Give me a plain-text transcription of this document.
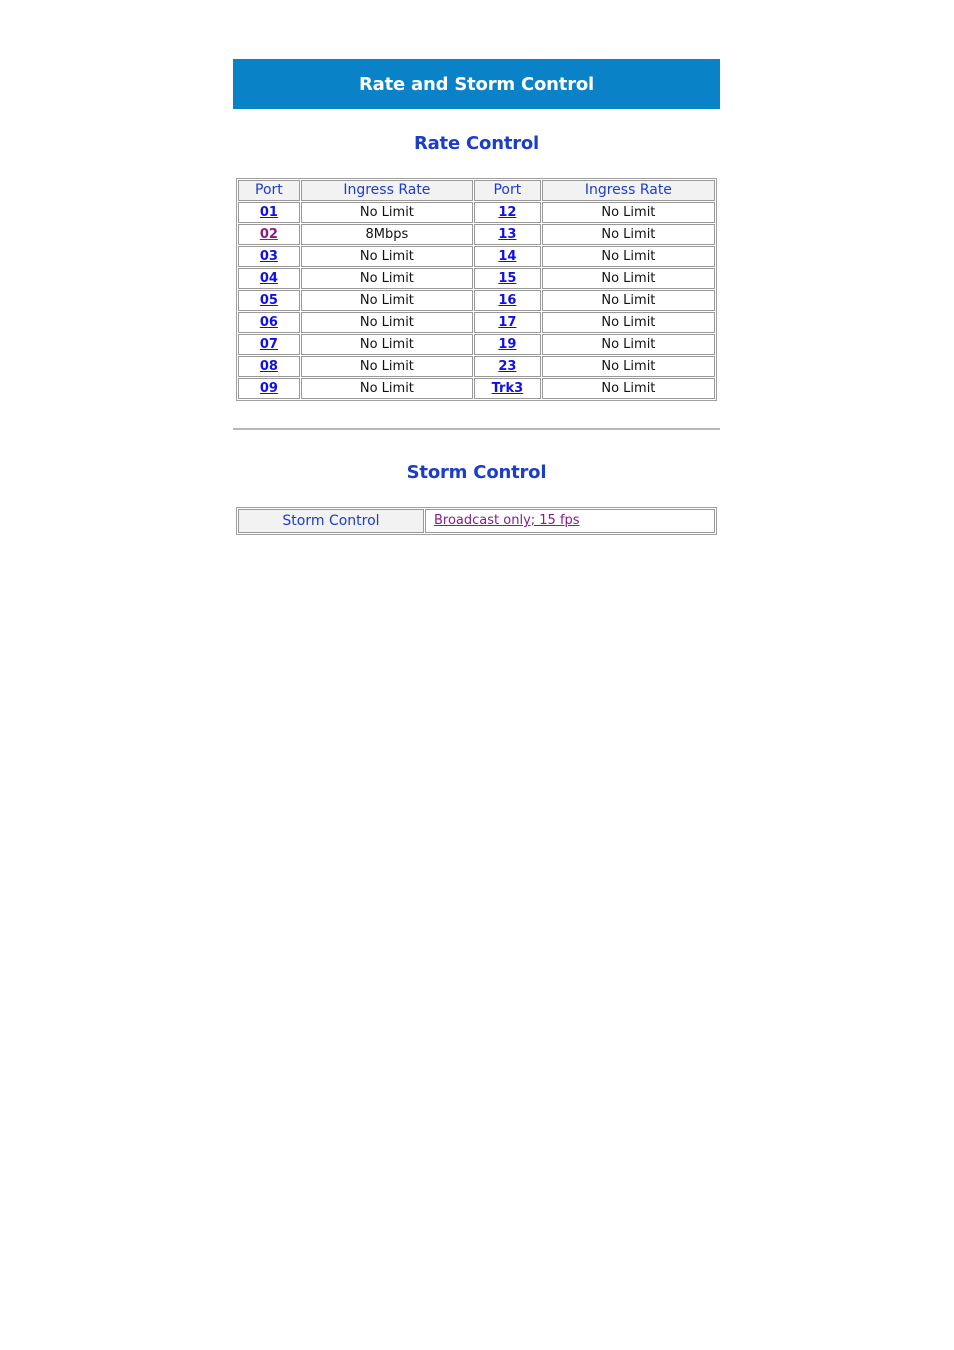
Rate and Storm Control
Rate Control
Port	Ingress Rate	Port	Ingress Rate
01	No Limit	12	No Limit
02	8Mbps	13	No Limit
03	No Limit	14	No Limit
04	No Limit	15	No Limit
05	No Limit	16	No Limit
06	No Limit	17	No Limit
07	No Limit	19	No Limit
08	No Limit	23	No Limit
09	No Limit	Trk3	No Limit
Storm Control
Storm Control	Broadcast only; 15 fps
